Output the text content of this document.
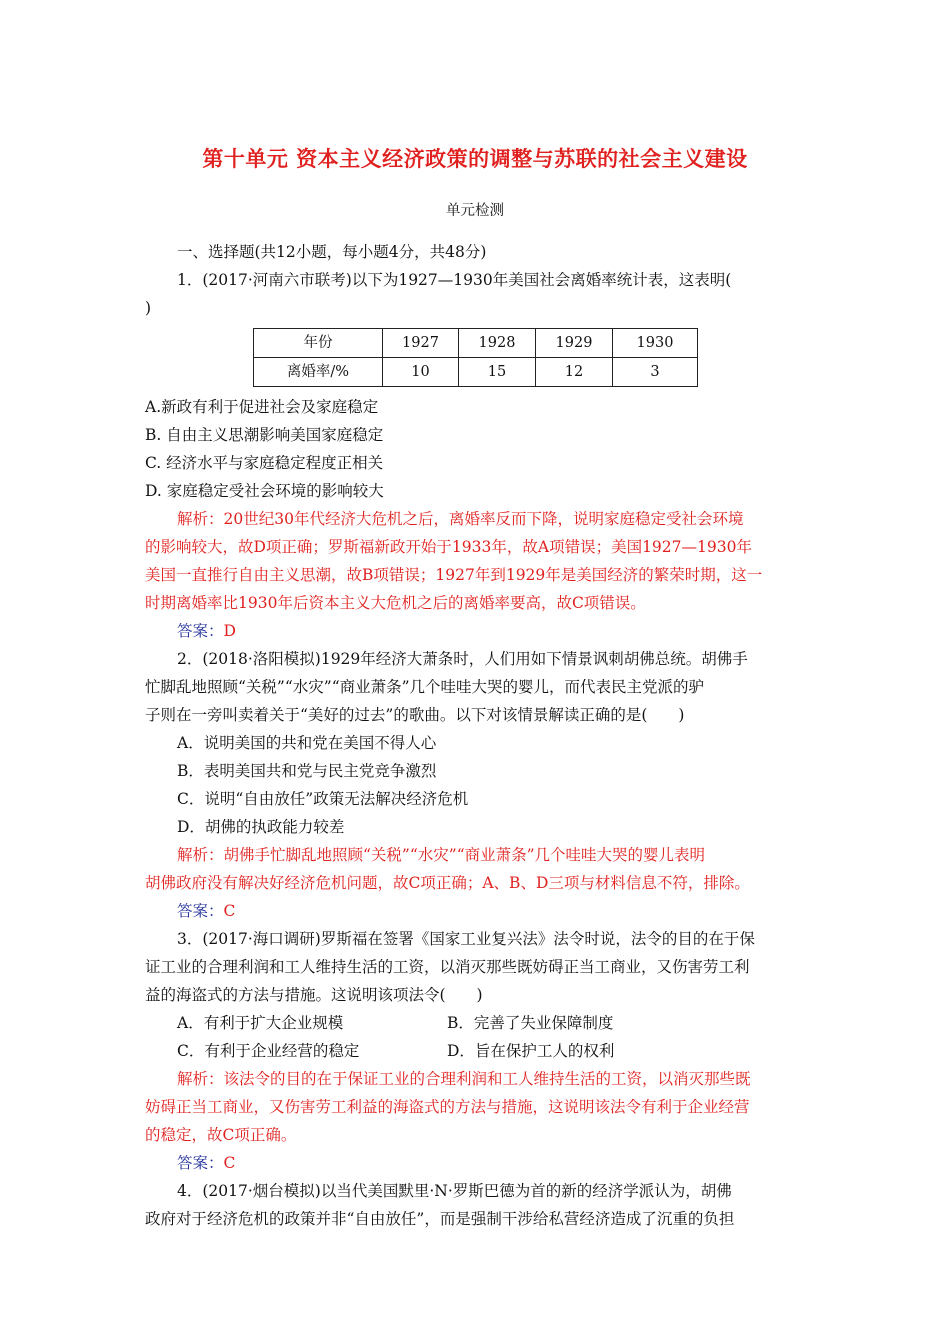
第十单元 资本主义经济政策的调整与苏联的社会主义建设
单元检测
一、选择题(共12小题，每小题4分，共48分)
1．(2017·河南六市联考)以下为1927—1930年美国社会离婚率统计表，这表明(
)
年份	1927	1928	1929	1930
离婚率/%	10	15	12	3
A.新政有利于促进社会及家庭稳定
B. 自由主义思潮影响美国家庭稳定
C. 经济水平与家庭稳定程度正相关
D. 家庭稳定受社会环境的影响较大
解析：20世纪30年代经济大危机之后，离婚率反而下降，说明家庭稳定受社会环境
的影响较大，故D项正确；罗斯福新政开始于1933年，故A项错误；美国1927—1930年
美国一直推行自由主义思潮，故B项错误；1927年到1929年是美国经济的繁荣时期，这一
时期离婚率比1930年后资本主义大危机之后的离婚率要高，故C项错误。
答案：D
2．(2018·洛阳模拟)1929年经济大萧条时，人们用如下情景讽刺胡佛总统。胡佛手
忙脚乱地照顾“关税”“水灾”“商业萧条”几个哇哇大哭的婴儿，而代表民主党派的驴
子则在一旁叫卖着关于“美好的过去”的歌曲。以下对该情景解读正确的是(　　)
A．说明美国的共和党在美国不得人心
B．表明美国共和党与民主党竞争激烈
C．说明“自由放任”政策无法解决经济危机
D．胡佛的执政能力较差
解析：胡佛手忙脚乱地照顾“关税”“水灾”“商业萧条”几个哇哇大哭的婴儿表明
胡佛政府没有解决好经济危机问题，故C项正确；A、B、D三项与材料信息不符，排除。
答案：C
3．(2017·海口调研)罗斯福在签署《国家工业复兴法》法令时说，法令的目的在于保
证工业的合理利润和工人维持生活的工资，以消灭那些既妨碍正当工商业，又伤害劳工利
益的海盗式的方法与措施。这说明该项法令(　　)
A．有利于扩大企业规模	B．完善了失业保障制度
C．有利于企业经营的稳定	D．旨在保护工人的权利
解析：该法令的目的在于保证工业的合理利润和工人维持生活的工资，以消灭那些既
妨碍正当工商业，又伤害劳工利益的海盗式的方法与措施，这说明该法令有利于企业经营
的稳定，故C项正确。
答案：C
4．(2017·烟台模拟)以当代美国默里·N·罗斯巴德为首的新的经济学派认为，胡佛
政府对于经济危机的政策并非“自由放任”，而是强制干涉给私营经济造成了沉重的负担
